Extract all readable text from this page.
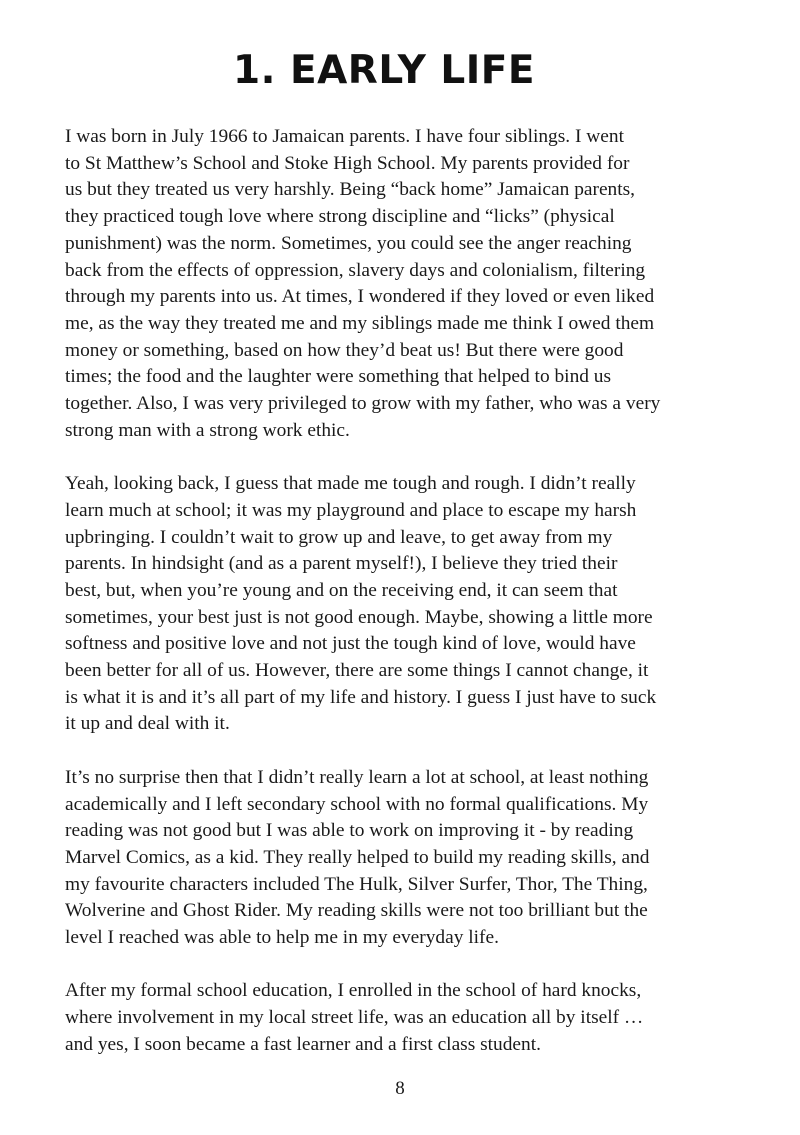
1. EARLY LIFE

I was born in July 1966 to Jamaican parents. I have four siblings. I went
to St Matthew’s School and Stoke High School. My parents provided for
us but they treated us very harshly. Being “back home” Jamaican parents,
they practiced tough love where strong discipline and “licks” (physical
punishment) was the norm. Sometimes, you could see the anger reaching
back from the effects of oppression, slavery days and colonialism, filtering
through my parents into us. At times, I wondered if they loved or even liked
me, as the way they treated me and my siblings made me think I owed them
money or something, based on how they’d beat us! But there were good
times; the food and the laughter were something that helped to bind us
together. Also, I was very privileged to grow with my father, who was a very
strong man with a strong work ethic.

Yeah, looking back, I guess that made me tough and rough. I didn’t really
learn much at school; it was my playground and place to escape my harsh
upbringing. I couldn’t wait to grow up and leave, to get away from my
parents. In hindsight (and as a parent myself!), I believe they tried their
best, but, when you’re young and on the receiving end, it can seem that
sometimes, your best just is not good enough. Maybe, showing a little more
softness and positive love and not just the tough kind of love, would have
been better for all of us. However, there are some things I cannot change, it
is what it is and it’s all part of my life and history. I guess I just have to suck
it up and deal with it.

It’s no surprise then that I didn’t really learn a lot at school, at least nothing
academically and I left secondary school with no formal qualifications. My
reading was not good but I was able to work on improving it - by reading
Marvel Comics, as a kid. They really helped to build my reading skills, and
my favourite characters included The Hulk, Silver Surfer, Thor, The Thing,
Wolverine and Ghost Rider. My reading skills were not too brilliant but the
level I reached was able to help me in my everyday life.

After my formal school education, I enrolled in the school of hard knocks,
where involvement in my local street life, was an education all by itself …
and yes, I soon became a fast learner and a first class student.

8
